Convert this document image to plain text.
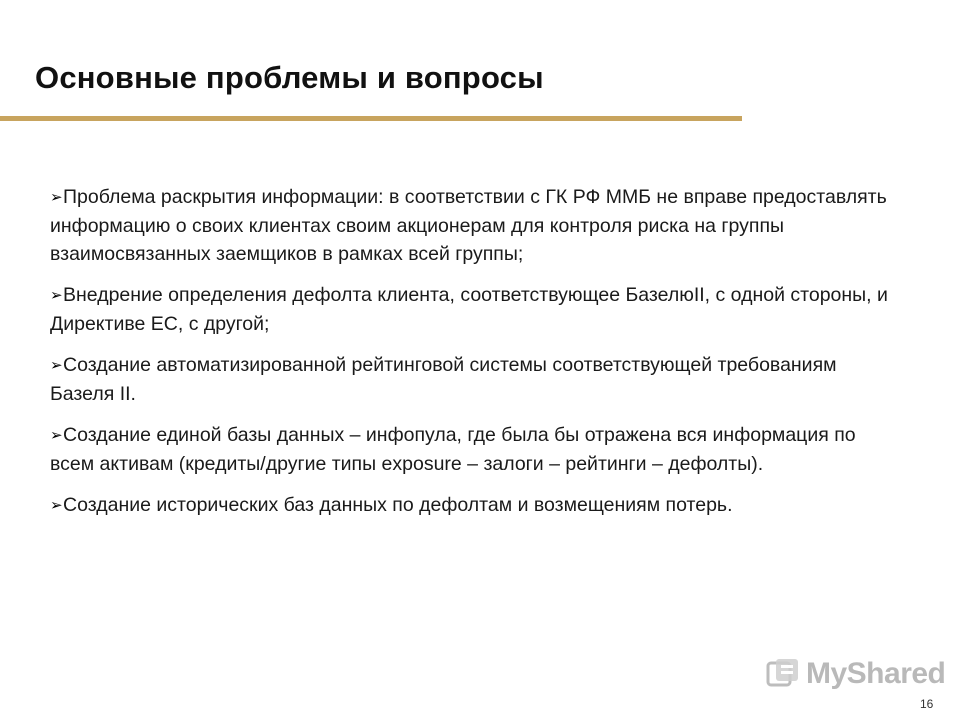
Основные проблемы и вопросы
➢Проблема раскрытия информации: в соответствии с ГК РФ ММБ не вправе предоставлять информацию о своих клиентах своим акционерам для контроля риска на группы взаимосвязанных заемщиков в рамках всей группы;
➢Внедрение определения дефолта клиента, соответствующее БазелюII, с одной стороны, и Директиве ЕС, с другой;
➢Создание автоматизированной рейтинговой системы соответствующей требованиям Базеля II.
➢Создание единой базы данных – инфопула, где была бы отражена вся информация по всем активам (кредиты/другие типы exposure – залоги – рейтинги – дефолты).
➢Создание исторических баз данных по дефолтам и возмещениям потерь.
MyShared
16
